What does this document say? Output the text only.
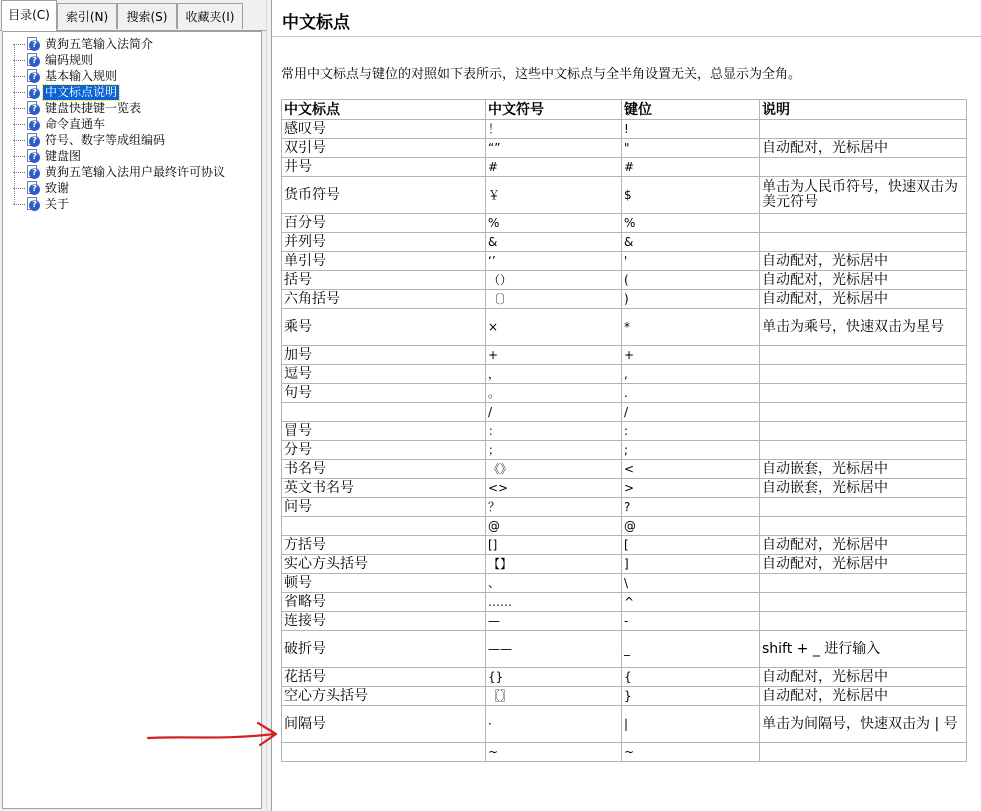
目录(C)	索引(N)	搜索(S)	收藏夹(I)
? 黄狗五笔输入法简介
? 编码规则
? 基本输入规则
? 中文标点说明
? 键盘快捷键一览表
? 命令直通车
? 符号、数字等成组编码
? 键盘图
? 黄狗五笔输入法用户最终许可协议
? 致谢
? 关于
中文标点
常用中文标点与键位的对照如下表所示，这些中文标点与全半角设置无关，总显示为全角。
中文标点	中文符号	键位	说明
感叹号	！	!	
双引号	“”	"	自动配对，光标居中
井号	#	#	
货币符号	￥	$	单击为人民币符号，快速双击为美元符号
百分号	%	%	
并列号	&	&	
单引号	‘’	'	自动配对，光标居中
括号	（）	(	自动配对，光标居中
六角括号	〔〕	)	自动配对，光标居中
乘号	×	*	单击为乘号，快速双击为星号
加号	+	+	
逗号	，	,	
句号	。	.	
	/	/	
冒号	：	:	
分号	；	;	
书名号	《》	<	自动嵌套，光标居中
英文书名号	<>	>	自动嵌套，光标居中
问号	？	?	
	@	@	
方括号	[]	[	自动配对，光标居中
实心方头括号	【】	]	自动配对，光标居中
顿号	、	\	
省略号	……	^	
连接号	—	-	
破折号	——	_	shift + _ 进行输入
花括号	{}	{	自动配对，光标居中
空心方头括号	〖〗	}	自动配对，光标居中
间隔号	·	|	单击为间隔号，快速双击为 | 号
	~	~	
